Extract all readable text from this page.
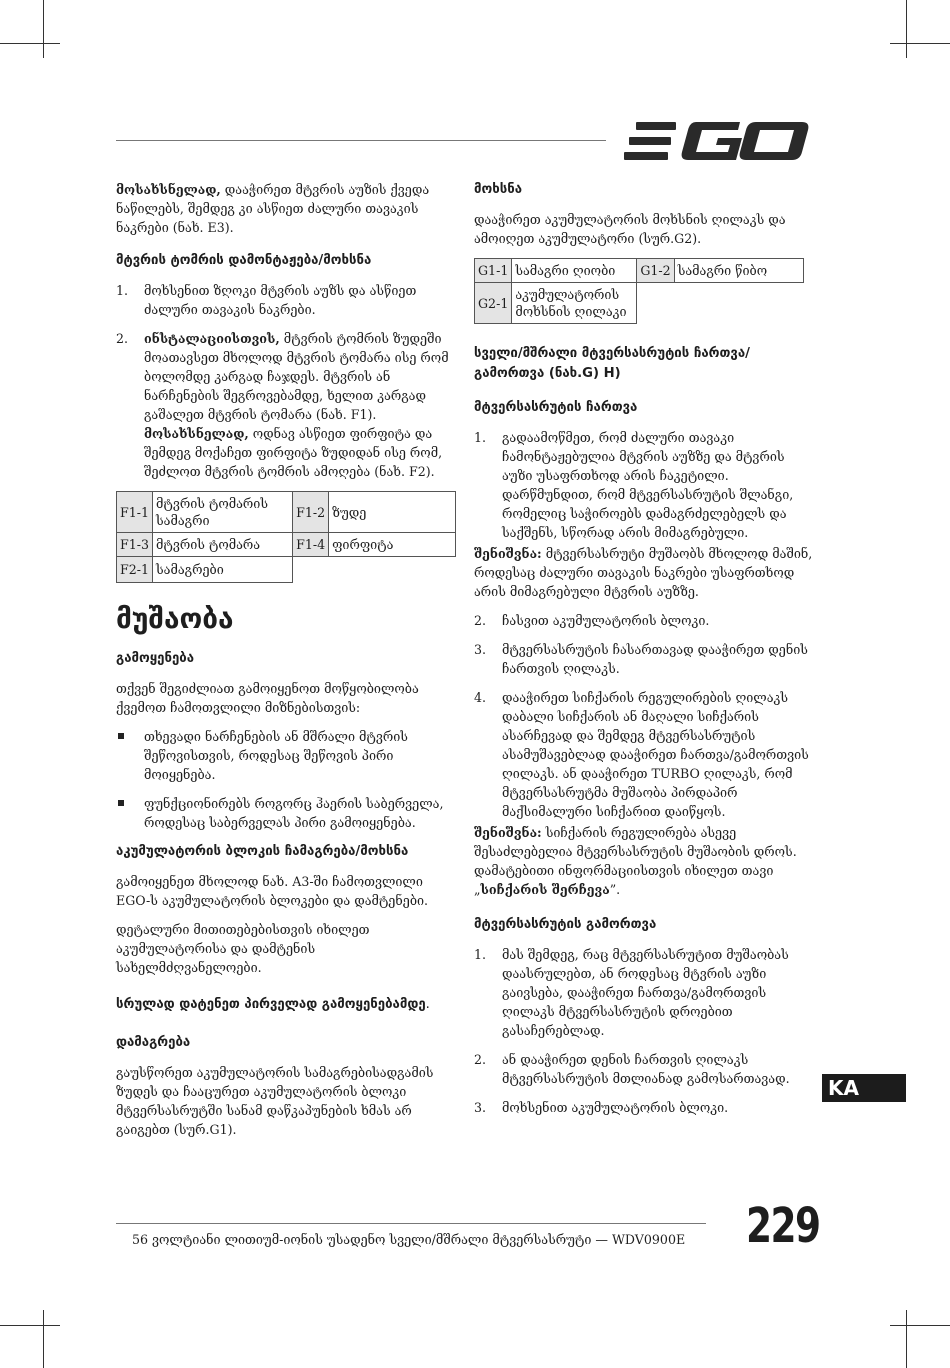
მოსახსნელად, დააჭირეთ მტვრის აუზის ქვედა ნაწილებს, შემდეგ კი ასწიეთ ძალური თავაკის ნაკრები (ნახ. E3).

მტვრის ტომრის დამონტაჟება/მოხსნა
1. მოხსენით ზღოკი მტვრის აუზს და ასწიეთ ძალური თავაკის ნაკრები.
2. ინსტალაციისთვის, მტვრის ტომრის ზუდეში მოათავსეთ მხოლოდ მტვრის ტომარა ისე რომ ბოლომდე კარგად ჩაჯდეს. მტვრის ან ნარჩენების შეგროვებამდე, ხელით კარგად გაშალეთ მტვრის ტომარა (ნახ. F1).
მოსახსნელად, ოდნავ ასწიეთ ფირფიტა და შემდეგ მოქაჩეთ ფირფიტა ზუდიდან ისე რომ, შეძლოთ მტვრის ტომრის ამოღება (ნახ. F2).
F1-1	მტვრის ტომარის სამაგრი	F1-2	ზუდე
F1-3	მტვრის ტომარა	F1-4	ფირფიტა
F2-1	სამაგრები		
მუშაობა
გამოყენება

თქვენ შეგიძლიათ გამოიყენოთ მოწყობილობა ქვემოთ ჩამოთვლილი მიზნებისთვის:

თხევადი ნარჩენების ან მშრალი მტვრის შეწოვისთვის, როდესაც შეწოვის პირი მოიყენება.
ფუნქციონირებს როგორც ჰაერის საბერველა, როდესაც საბერველას პირი გამოიყენება.
აკუმულატორის ბლოკის ჩამაგრება/მოხსნა

გამოიყენეთ მხოლოდ ნახ. A3-ში ჩამოთვლილი EGO-ს აკუმულატორის ბლოკები და დამტენები.

დეტალური მითითებებისთვის იხილეთ აკუმულატორისა და დამტენის სახელმძღვანელოები.

სრულად დატენეთ პირველად გამოყენებამდე.
დამაგრება

გაუსწორეთ აკუმულატორის სამაგრებისადგამის ზუდეს და ჩააცურეთ აკუმულატორის ბლოკი მტვერსასრუტში სანამ დაწკაპუნების ხმას არ გაიგებთ (სურ.G1).

მოხსნა

დააჭირეთ აკუმულატორის მოხსნის ღილაკს და ამოიღეთ აკუმულატორი (სურ.G2).

G1-1	სამაგრი ღიობი	G1-2	სამაგრი წიბო
G2-1	აკუმულატორის მოხსნის ღილაკი		
სველი/მშრალი მტვერსასრუტის ჩართვა/ გამორთვა (ნახ.G) H)
მტვერსასრუტის ჩართვა
1. გადაამოწმეთ, რომ ძალური თავაკი ჩამონტაჟებულია მტვრის აუზზე და მტვრის აუზი უსაფრთხოდ არის ჩაკეტილი. დარწმუნდით, რომ მტვერსასრუტის შლანგი, რომელიც საჭიროებს დამაგრძელებელს და საქშენს, სწორად არის მიმაგრებული.

შენიშვნა: მტვერსასრუტი მუშაობს მხოლოდ მაშინ, როდესაც ძალური თავაკის ნაკრები უსაფრთხოდ არის მიმაგრებული მტვრის აუზზე.

2. ჩასვით აკუმულატორის ბლოკი.
3. მტვერსასრუტის ჩასართავად დააჭირეთ დენის ჩართვის ღილაკს.
4. დააჭირეთ სიჩქარის რეგულირების ღილაკს დაბალი სიჩქარის ან მაღალი სიჩქარის ასარჩევად და შემდეგ მტვერსასრუტის ასამუშავებლად დააჭირეთ ჩართვა/გამორთვის ღილაკს. ან დააჭირეთ TURBO ღილაკს, რომ მტვერსასრუტმა მუშაობა პირდაპირ მაქსიმალური სიჩქარით დაიწყოს.

შენიშვნა: სიჩქარის რეგულირება ასევე შესაძლებელია მტვერსასრუტის მუშაობის დროს. დამატებითი ინფორმაციისთვის იხილეთ თავი „სიჩქარის შერჩევა”.

მტვერსასრუტის გამორთვა
1. მას შემდეგ, რაც მტვერსასრუტით მუშაობას დაასრულებთ, ან როდესაც მტვრის აუზი გაივსება, დააჭირეთ ჩართვა/გამორთვის ღილაკს მტვერსასრუტის დროებით გასაჩერებლად.
2. ან დააჭირეთ დენის ჩართვის ღილაკს მტვერსასრუტის მთლიანად გამოსართავად.
3. მოხსენით აკუმულატორის ბლოკი.
KA
56 ვოლტიანი ლითიუმ-იონის უსადენო სველი/მშრალი მტვერსასრუტი — WDV0900E 229
